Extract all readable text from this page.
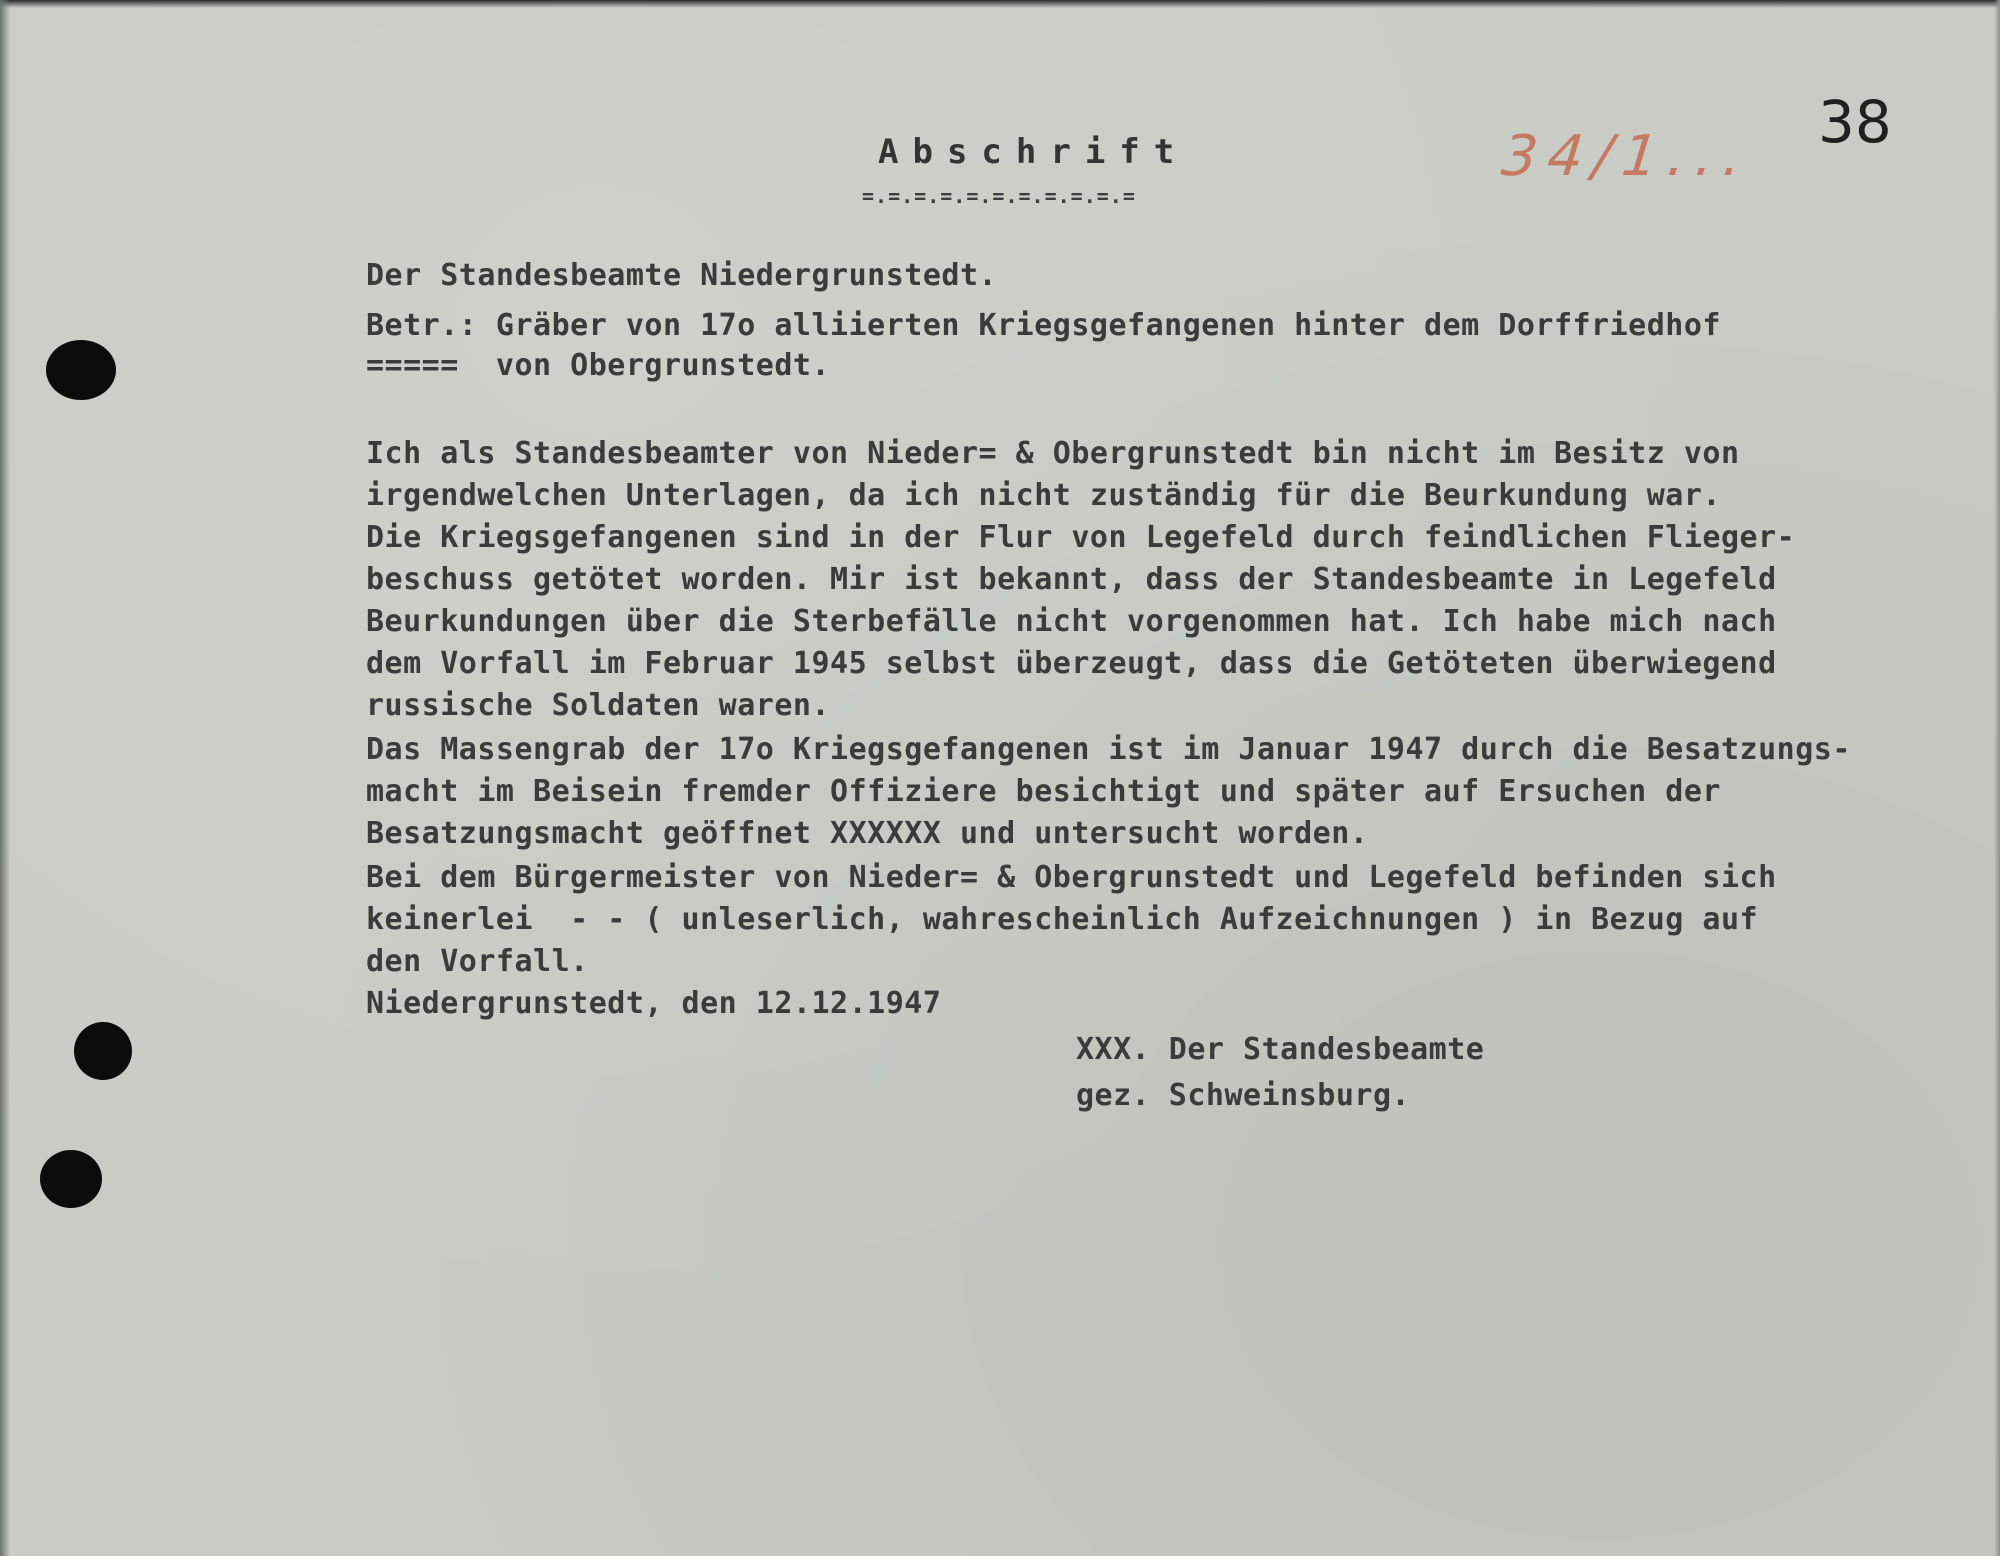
Abschrift

=.=.=.=.=.=.=.=.=.=.=

34/1...

38

Der Standesbeamte Niedergrunstedt.

Betr.: Gräber von 17o alliierten Kriegsgefangenen hinter dem Dorffriedhof

=====  von Obergrunstedt.

Ich als Standesbeamter von Nieder= & Obergrunstedt bin nicht im Besitz von

irgendwelchen Unterlagen, da ich nicht zuständig für die Beurkundung war.

Die Kriegsgefangenen sind in der Flur von Legefeld durch feindlichen Flieger-

beschuss getötet worden. Mir ist bekannt, dass der Standesbeamte in Legefeld

Beurkundungen über die Sterbefälle nicht vorgenommen hat. Ich habe mich nach

dem Vorfall im Februar 1945 selbst überzeugt, dass die Getöteten überwiegend

russische Soldaten waren.

Das Massengrab der 17o Kriegsgefangenen ist im Januar 1947 durch die Besatzungs-

macht im Beisein fremder Offiziere besichtigt und später auf Ersuchen der

Besatzungsmacht geöffnet XXXXXX und untersucht worden.

Bei dem Bürgermeister von Nieder= & Obergrunstedt und Legefeld befinden sich

keinerlei  - - ( unleserlich, wahrescheinlich Aufzeichnungen ) in Bezug auf

den Vorfall.

Niedergrunstedt, den 12.12.1947

XXX. Der Standesbeamte

gez. Schweinsburg.
